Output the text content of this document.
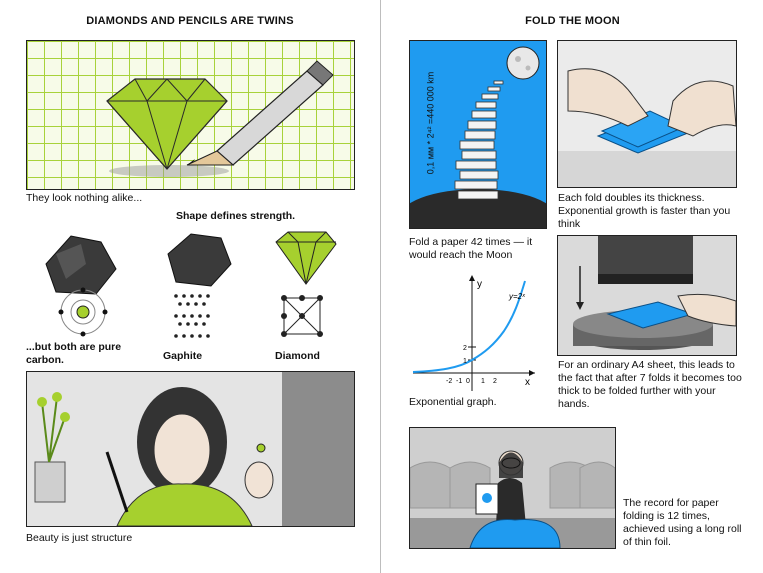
DIAMONDS AND PENCILS ARE TWINS
They look nothing alike...
Shape defines strength.
...but both are pure carbon.	Gaphite	Diamond
Beauty is just structure
FOLD THE MOON
0,1 мм * 2⁴² =440 000 km
Fold a paper 42 times — it would reach the Moon
y
x
y=2ˣ
2
1
-2 -1 0 1 2
Exponential graph.
Each fold doubles its thickness. Exponential growth is faster than you think
For an ordinary A4 sheet, this leads to the fact that after 7 folds it becomes too thick to be folded further with your hands.
The record for paper folding is 12 times, achieved using a long roll of thin foil.
